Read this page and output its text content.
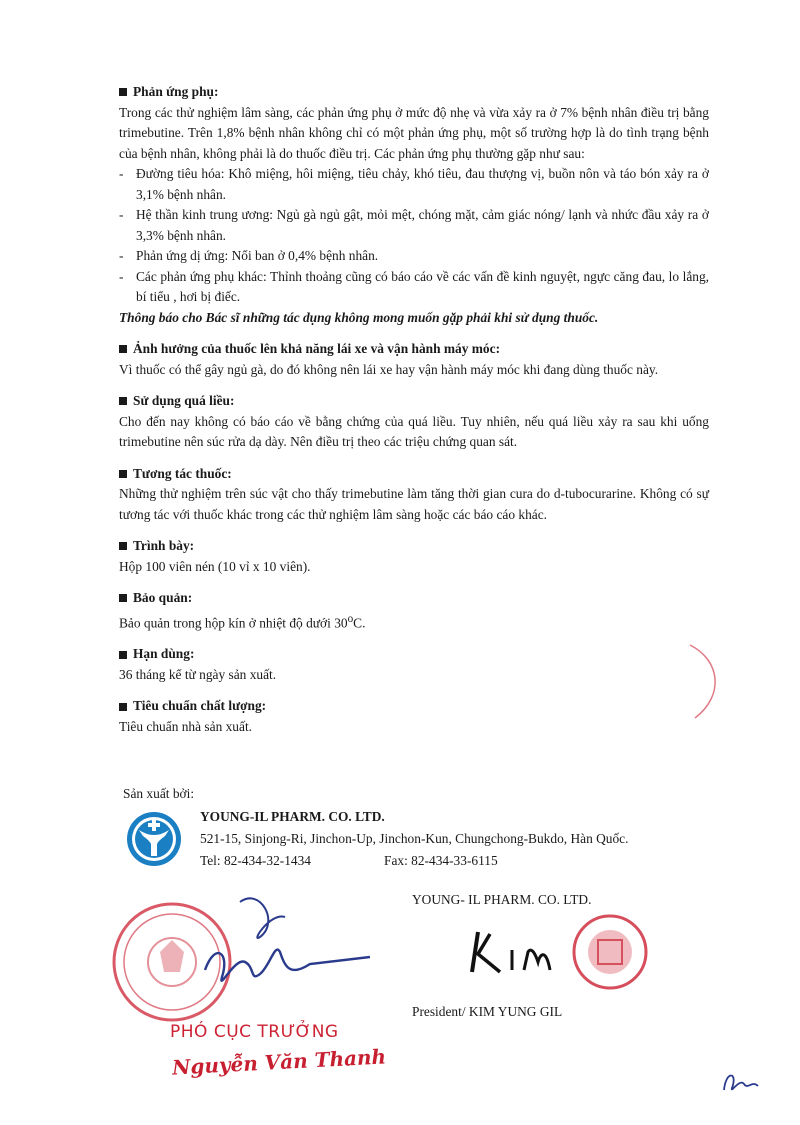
Phản ứng phụ:

Trong các thử nghiệm lâm sàng, các phản ứng phụ ở mức độ nhẹ và vừa xảy ra ở 7% bệnh nhân điều trị bằng trimebutine. Trên 1,8% bệnh nhân không chỉ có một phản ứng phụ, một số trường hợp là do tình trạng bệnh của bệnh nhân, không phải là do thuốc điều trị. Các phản ứng phụ thường gặp như sau:

- Đường tiêu hóa: Khô miệng, hôi miệng, tiêu chảy, khó tiêu, đau thượng vị, buồn nôn và táo bón xảy ra ở 3,1% bệnh nhân.
- Hệ thần kinh trung ương: Ngủ gà ngủ gật, mỏi mệt, chóng mặt, cảm giác nóng/ lạnh và nhức đầu xảy ra ở 3,3% bệnh nhân.
- Phản ứng dị ứng: Nổi ban ở 0,4% bệnh nhân.
- Các phản ứng phụ khác: Thỉnh thoảng cũng có báo cáo về các vấn đề kinh nguyệt, ngực căng đau, lo lắng, bí tiểu , hơi bị điếc.

Thông báo cho Bác sĩ những tác dụng không mong muốn gặp phải khi sử dụng thuốc.

Ảnh hưởng của thuốc lên khả năng lái xe và vận hành máy móc:

Vì thuốc có thể gây ngủ gà, do đó không nên lái xe hay vận hành máy móc khi đang dùng thuốc này.

Sử dụng quá liều:

Cho đến nay không có báo cáo về bằng chứng của quá liều. Tuy nhiên, nếu quá liều xảy ra sau khi uống trimebutine nên súc rửa dạ dày. Nên điều trị theo các triệu chứng quan sát.

Tương tác thuốc:

Những thử nghiệm trên súc vật cho thấy trimebutine làm tăng thời gian cura do d-tubocurarine. Không có sự tương tác với thuốc khác trong các thử nghiệm lâm sàng hoặc các báo cáo khác.

Trình bày:

Hộp 100 viên nén (10 vỉ x 10 viên).

Bảo quản:

Bảo quản trong hộp kín ở nhiệt độ dưới 30$^o$C.

Hạn dùng:

36 tháng kể từ ngày sản xuất.

Tiêu chuẩn chất lượng:

Tiêu chuẩn nhà sản xuất.

Sản xuất bởi:
YOUNG-IL PHARM. CO. LTD.
521-15, Sinjong-Ri, Jinchon-Up, Jinchon-Kun, Chungchong-Bukdo, Hàn Quốc.
Tel: 82-434-32-1434	Fax: 82-434-33-6115
PHÓ CỤC TRƯỞNG
Nguyễn Văn Thanh
YOUNG- IL PHARM. CO. LTD.
President/ KIM YUNG GIL
